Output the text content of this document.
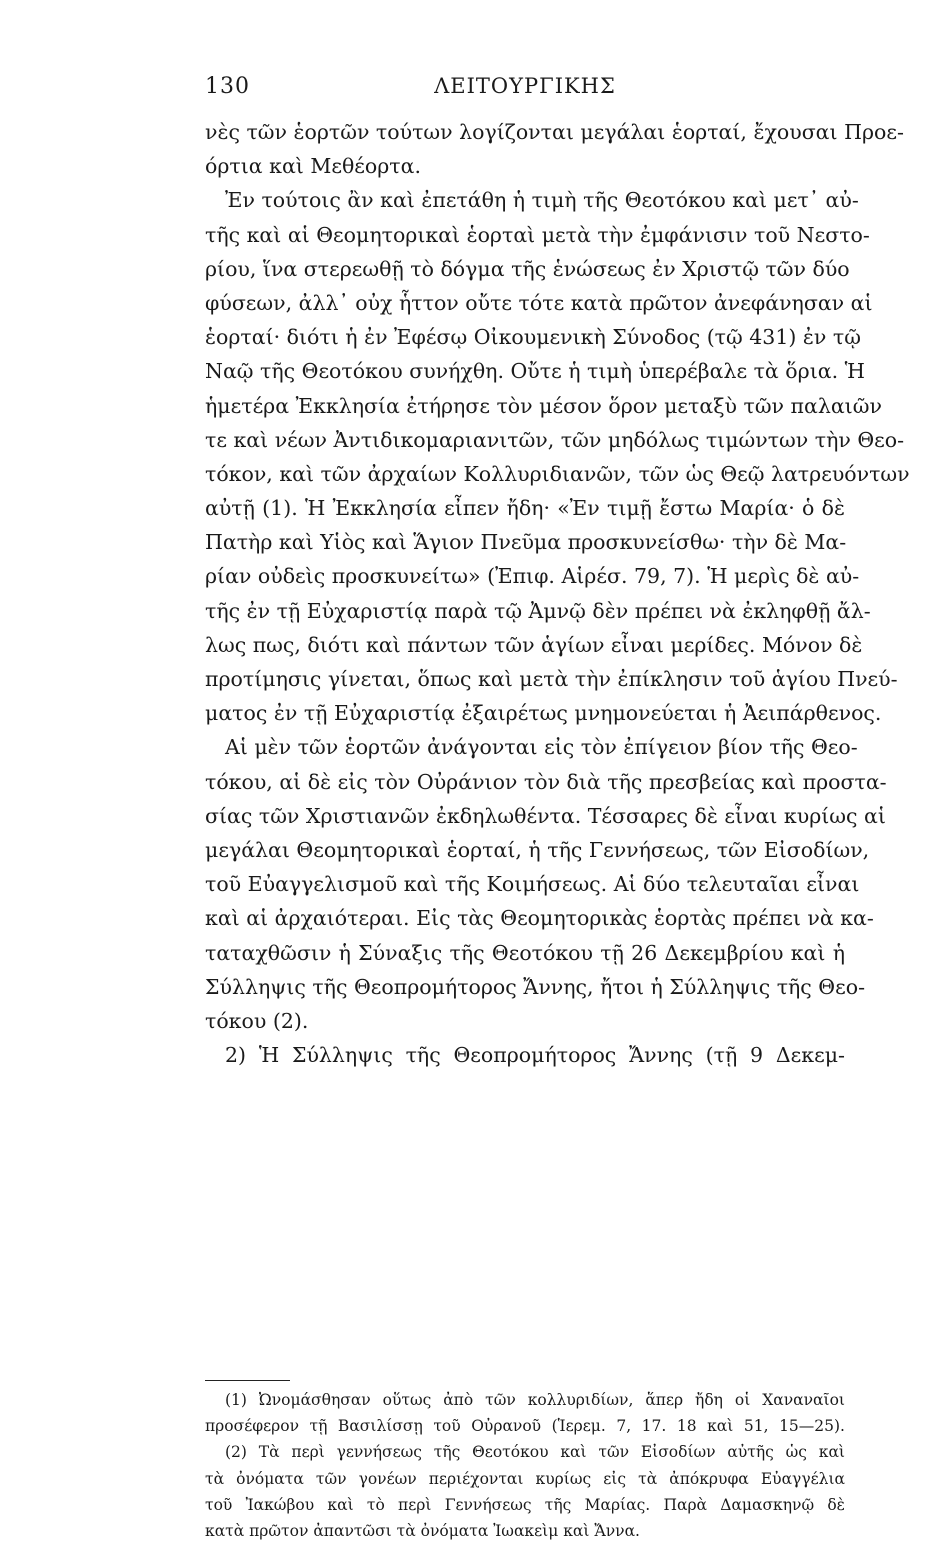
130	ΛΕΙΤΟΥΡΓΙΚΗΣ
νὲς τῶν ἑορτῶν τούτων λογίζονται μεγάλαι ἑορταί, ἔχουσαι Προε-
όρτια καὶ Μεθέορτα.
Ἐν τούτοις ἂν καὶ ἐπετάθη ἡ τιμὴ τῆς Θεοτόκου καὶ μετ᾿ αὐ-
τῆς καὶ αἱ Θεομητορικαὶ ἑορταὶ μετὰ τὴν ἐμφάνισιν τοῦ Νεστο-
ρίου, ἵνα στερεωθῇ τὸ δόγμα τῆς ἑνώσεως ἐν Χριστῷ τῶν δύο
φύσεων, ἀλλ᾿ οὐχ ἧττον οὔτε τότε κατὰ πρῶτον ἀνεφάνησαν αἱ
ἑορταί· διότι ἡ ἐν Ἐφέσῳ Οἰκουμενικὴ Σύνοδος (τῷ 431) ἐν τῷ
Ναῷ τῆς Θεοτόκου συνήχθη. Οὔτε ἡ τιμὴ ὑπερέβαλε τὰ ὅρια. Ἡ
ἡμετέρα Ἐκκλησία ἐτήρησε τὸν μέσον ὅρον μεταξὺ τῶν παλαιῶν
τε καὶ νέων Ἀντιδικομαριανιτῶν, τῶν μηδόλως τιμώντων τὴν Θεο-
τόκον, καὶ τῶν ἀρχαίων Κολλυριδιανῶν, τῶν ὡς Θεῷ λατρευόντων
αὐτῇ (1). Ἡ Ἐκκλησία εἶπεν ἤδη· «Ἐν τιμῇ ἔστω Μαρία· ὁ δὲ
Πατὴρ καὶ Υἱὸς καὶ Ἅγιον Πνεῦμα προσκυνείσθω· τὴν δὲ Μα-
ρίαν οὐδεὶς προσκυνείτω» (Ἐπιφ. Αἱρέσ. 79, 7). Ἡ μερὶς δὲ αὐ-
τῆς ἐν τῇ Εὐχαριστίᾳ παρὰ τῷ Ἀμνῷ δὲν πρέπει νὰ ἐκληφθῇ ἄλ-
λως πως, διότι καὶ πάντων τῶν ἁγίων εἶναι μερίδες. Μόνον δὲ
προτίμησις γίνεται, ὅπως καὶ μετὰ τὴν ἐπίκλησιν τοῦ ἁγίου Πνεύ-
ματος ἐν τῇ Εὐχαριστίᾳ ἐξαιρέτως μνημονεύεται ἡ Ἀειπάρθενος.
Αἱ μὲν τῶν ἑορτῶν ἀνάγονται εἰς τὸν ἐπίγειον βίον τῆς Θεο-
τόκου, αἱ δὲ εἰς τὸν Οὐράνιον τὸν διὰ τῆς πρεσβείας καὶ προστα-
σίας τῶν Χριστιανῶν ἐκδηλωθέντα. Τέσσαρες δὲ εἶναι κυρίως αἱ
μεγάλαι Θεομητορικαὶ ἑορταί, ἡ τῆς Γεννήσεως, τῶν Εἰσοδίων,
τοῦ Εὐαγγελισμοῦ καὶ τῆς Κοιμήσεως. Αἱ δύο τελευταῖαι εἶναι
καὶ αἱ ἀρχαιότεραι. Εἰς τὰς Θεομητορικὰς ἑορτὰς πρέπει νὰ κα-
ταταχθῶσιν ἡ Σύναξις τῆς Θεοτόκου τῇ 26 Δεκεμβρίου καὶ ἡ
Σύλληψις τῆς Θεοπρομήτορος Ἄννης, ἤτοι ἡ Σύλληψις τῆς Θεο-
τόκου (2).
2) Ἡ Σύλληψις τῆς Θεοπρομήτορος Ἄννης (τῇ 9 Δεκεμ-
(1) Ὠνομάσθησαν οὕτως ἀπὸ τῶν κολλυριδίων, ἅπερ ἤδη οἱ Χαναναῖοι
προσέφερον τῇ Βασιλίσσῃ τοῦ Οὐρανοῦ (Ἱερεμ. 7, 17. 18 καὶ 51, 15—25).
(2) Τὰ περὶ γεννήσεως τῆς Θεοτόκου καὶ τῶν Εἰσοδίων αὐτῆς ὡς καὶ
τὰ ὀνόματα τῶν γονέων περιέχονται κυρίως εἰς τὰ ἀπόκρυφα Εὐαγγέλια
τοῦ Ἰακώβου καὶ τὸ περὶ Γεννήσεως τῆς Μαρίας. Παρὰ Δαμασκηνῷ δὲ
κατὰ πρῶτον ἀπαντῶσι τὰ ὀνόματα Ἰωακεὶμ καὶ Ἄννα.
